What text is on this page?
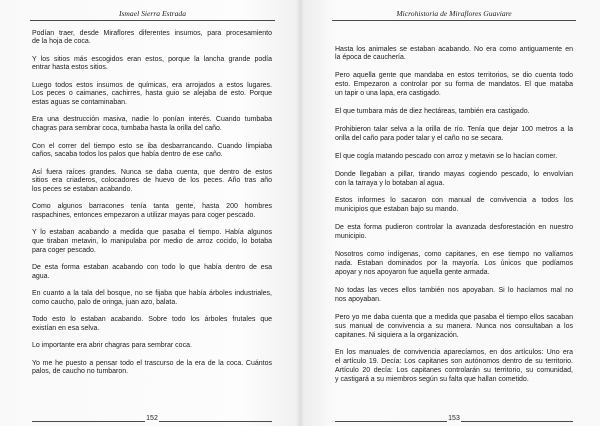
Ismael Sierra Estrada

Podían traer, desde Miraflores diferentes insumos, para procesamiento
de la hoja de coca.

Y los sitios más escogidos eran estos, porque la lancha grande podía
entrar hasta estos sitios.

Luego todos estos insumos de químicas, era arrojados a estos lugares.
Los peces o caimanes, cachirres, hasta guio se alejaba de esto. Porque
estas aguas se contaminaban.

Era una destrucción masiva, nadie lo ponían interés. Cuando tumbaba
chagras para sembrar coca, tumbaba hasta la orilla del caño.

Con el correr del tiempo esto se iba desbarrancando. Cuando limpiaba
caños, sacaba todos los palos que había dentro de ese caño.

Así fuera raíces grandes. Nunca se daba cuenta, que dentro de estos
sitios era criaderos, colocadores de huevo de los peces. Año tras año
los peces se estaban acabando.

Como algunos barracones tenía tanta gente, hasta 200 hombres
raspachines, entonces empezaron a utilizar mayas para coger pescado.

Y lo estaban acabando a medida que pasaba el tiempo. Había algunos
que tiraban metavin, lo manipulaba por medio de arroz cocido, lo botaba
para coger pescado.

De esta forma estaban acabando con todo lo que había dentro de esa
agua.

En cuanto a la tala del bosque, no se fijaba que había árboles industriales,
como caucho, palo de oringa, juan azo, balata.

Todo esto lo estaban acabando. Sobre todo los árboles frutales que
existían en esa selva.

Lo importante era abrir chagras para sembrar coca.

Yo me he puesto a pensar todo el trascurso de la era de la coca. Cuántos
palos, de caucho no tumbaron.

152
Microhistoria de Miraflores Guaviare

Hasta los animales se estaban acabando. No era como antiguamente en
la época de cauchería.

Pero aquella gente que mandaba en estos territorios, se dio cuenta todo
esto. Empezaron a controlar por su forma de mandatos. El que mataba
un tapir o una lapa, era castigado.

El que tumbara más de diez hectáreas, también era castigado.

Prohibieron talar selva a la orilla de río. Tenía que dejar 100 metros a la
orilla del caño para poder talar y el caño no se secara.

El que cogía matando pescado con arroz y metavin se lo hacían comer.

Donde llegaban a pillar, tirando mayas cogiendo pescado, lo envolvían
con la tarraya y lo botaban al agua.

Estos informes lo sacaron con manual de convivencia a todos los
municipios que estaban bajo su mando.

De esta forma pudieron controlar la avanzada desforestación en nuestro
municipio.

Nosotros como indígenas, como capitanes, en ese tiempo no valíamos
nada. Estaban dominados por la mayoría. Los únicos que podíamos
apoyar y nos apoyaron fue aquella gente armada.

No todas las veces ellos también nos apoyaban. Si lo hacíamos mal no
nos apoyaban.

Pero yo me daba cuenta que a medida que pasaba el tiempo ellos sacaban
sus manual de convivencia a su manera. Nunca nos consultaban a los
capitanes. Ni siquiera a la organización.

En los manuales de convivencia aparecíamos, en dos artículos: Uno era
el artículo 19. Decía: Los capitanes son autónomos dentro de su territorio.
Artículo 20 decía: Los capitanes controlarán su territorio, su comunidad,
y castigará a su miembros según su falta que hallan cometido.

153
